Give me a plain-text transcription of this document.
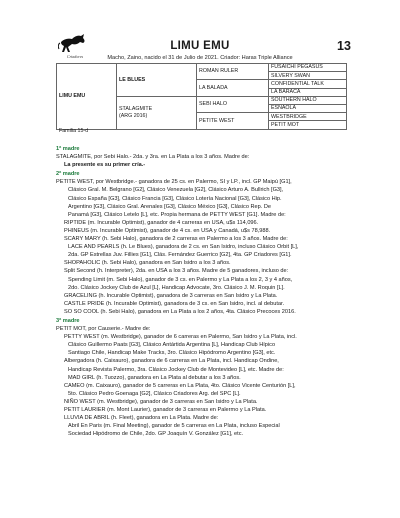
Criadores
LIMU EMU	13
Macho, Zaino, nacido el 31 de Julio de 2021. Criador: Haras Triple Alliance
LIMU EMU	LE BLUES	ROMAN RULER	FUSAICHI PEGASUS
			SILVERY SWAN
		LA BALADA	CONFIDENTIAL TALK
			LA BARACA

	STALAGMITE
(ARG 2016)	SEBI HALO	SOUTHERN HALO
			ESNAOLA
		PETITE WEST	WESTBRIDGE
			PETIT MOT
Familia 15-d

1ª madre

STALAGMITE, por Sebi Halo.- 2da. y 3ra. en La Plata a los 3 años. Madre de:

La presente es su primer cría.-

2ª madre

PETITE WEST, por Westbridge.- ganadora de 25 cs. en Palermo, SI y LP., incl. GP Maipú [G1],

Clásico Gral. M. Belgrano [G2], Clásico Venezuela [G2], Clásico Arturo A. Bullrich [G3],

Clásico España [G3], Clásico Francia [G3], Clásico Lotería Nacional [G3], Clásico Hip.

Argentino [G3], Clásico Gral. Arenales [G3], Clásico México [G3], Clásico Rep. De

Panamá [G3], Clásico Letelo [L], etc. Propia hermana de PETTY WEST [G1]. Madre de:

RIPTIDE (m. Incurable Optimist), ganador de 4 carreras en USA, u$s 114,096.

PHINEUS (m. Incurable Optimist), ganador de 4 cs. en USA y Canadá, u$s 78,988.

SCARY MARY (h. Sebi Halo), ganadora de 2 carreras en Palermo a los 3 años. Madre de:

LACE AND PEARLS (h. Le Blues), ganadora de 2 cs. en San Isidro, incluso Clásico Orbit [L],

2da. GP Estrellas Juv. Fillies [G1], Clás. Fernández Guerrico [G2], 4ta. GP Criadores [G1].

SHOPAHOLIC (h. Sebi Halo), ganadora en San Isidro a los 3 años.

Split Second (h. Interpreter), 2da. en USA a los 3 años. Madre de 5 ganadores, incluso de:

Spending Limit (m. Sebi Halo), ganador de 3 cs. en Palermo y La Plata a los 2, 3 y 4 años,

2do. Clásico Jockey Club de Azul [L], Handicap Advocate, 3ro. Clásico J. M. Roquin [L].

GRACELING (h. Incurable Optimist), ganadora de 3 carreras en San Isidro y La Plata.

CASTLE PRIDE (h. Incurable Optimist), ganadora de 3 cs. en San Isidro, incl. al debutar.

SO SO COOL (h. Sebi Halo), ganadora en La Plata a los 2 años, 4ta. Clásico Precoces 2016.

3ª madre

PETIT MOT, por Causerie.- Madre de:

PETTY WEST (m. Westbridge), ganador de 6 carreras en Palermo, San Isidro y La Plata, incl.

Clásico Guillermo Paats [G3], Clásico Antártida Argentina [L], Handicap Club Hípico

Santiago Chile, Handicap Make Tracks, 3ro. Clásico Hipódromo Argentino [G3], etc.

Albergadora (h. Caixauro), ganadora de 6 carreras en La Plata, incl. Handicap Ondine,

Handicap Revista Palermo, 3ra. Clásico Jockey Club de Montevideo [L], etc. Madre de:

MAD GIRL (h. Tuozzo), ganadora en La Plata al debutar a los 3 años.

CAMEO (m. Caixauro), ganador de 5 carreras en La Plata, 4to. Clásico Vicente Centurión [L],

5to. Clásico Pedro Goenaga [G2], Clásico Criadores Arg. del SPC [L].

NIÑO WEST (m. Westbridge), ganador de 3 carreras en San Isidro y La Plata.

PETIT LAURIER (m. Mont Laurier), ganador de 3 carreras en Palermo y La Plata.

LLUVIA DE ABRIL (h. Fleet), ganadora en La Plata. Madre de:

Abril En Paris (m. Final Meeting), ganador de 5 carreras en La Plata, incluso Especial

Sociedad Hipódromo de Chile, 2do. GP Joaquín V. González [G1], etc.
